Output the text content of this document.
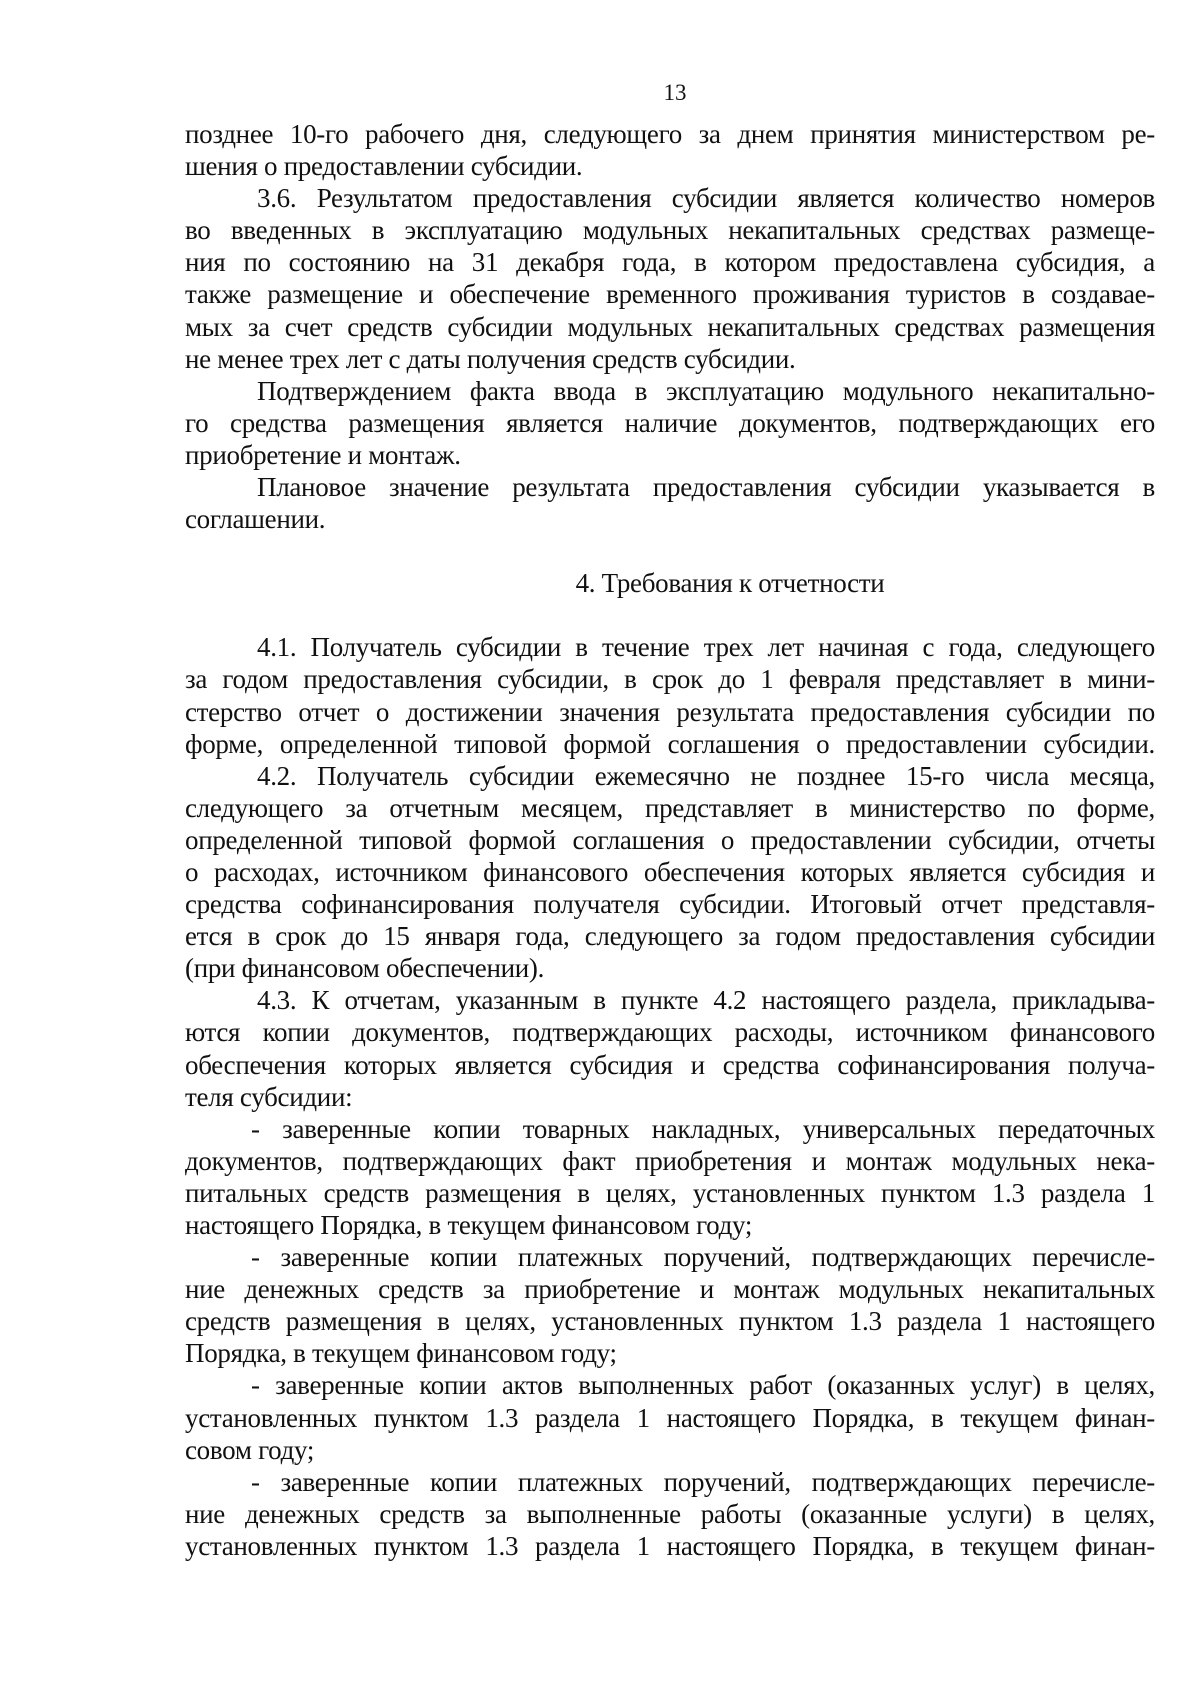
13
позднее 10-го рабочего дня, следующего за днем принятия министерством ре-
шения о предоставлении субсидии.
3.6. Результатом предоставления субсидии является количество номеров
во введенных в эксплуатацию модульных некапитальных средствах размеще-
ния по состоянию на 31 декабря года, в котором предоставлена субсидия, а
также размещение и обеспечение временного проживания туристов в создавае-
мых за счет средств субсидии модульных некапитальных средствах размещения
не менее трех лет с даты получения средств субсидии.
Подтверждением факта ввода в эксплуатацию модульного некапитально-
го средства размещения является наличие документов, подтверждающих его
приобретение и монтаж.
Плановое значение результата предоставления субсидии указывается в
соглашении.
4. Требования к отчетности
4.1. Получатель субсидии в течение трех лет начиная с года, следующего
за годом предоставления субсидии, в срок до 1 февраля представляет в мини-
стерство отчет о достижении значения результата предоставления субсидии по
форме, определенной типовой формой соглашения о предоставлении субсидии.
4.2. Получатель субсидии ежемесячно не позднее 15-го числа месяца,
следующего за отчетным месяцем, представляет в министерство по форме,
определенной типовой формой соглашения о предоставлении субсидии, отчеты
о расходах, источником финансового обеспечения которых является субсидия и
средства софинансирования получателя субсидии. Итоговый отчет представля-
ется в срок до 15 января года, следующего за годом предоставления субсидии
(при финансовом обеспечении).
4.3. К отчетам, указанным в пункте 4.2 настоящего раздела, прикладыва-
ются копии документов, подтверждающих расходы, источником финансового
обеспечения которых является субсидия и средства софинансирования получа-
теля субсидии:
- заверенные копии товарных накладных, универсальных передаточных
документов, подтверждающих факт приобретения и монтаж модульных нека-
питальных средств размещения в целях, установленных пунктом 1.3 раздела 1
настоящего Порядка, в текущем финансовом году;
- заверенные копии платежных поручений, подтверждающих перечисле-
ние денежных средств за приобретение и монтаж модульных некапитальных
средств размещения в целях, установленных пунктом 1.3 раздела 1 настоящего
Порядка, в текущем финансовом году;
- заверенные копии актов выполненных работ (оказанных услуг) в целях,
установленных пунктом 1.3 раздела 1 настоящего Порядка, в текущем финан-
совом году;
- заверенные копии платежных поручений, подтверждающих перечисле-
ние денежных средств за выполненные работы (оказанные услуги) в целях,
установленных пунктом 1.3 раздела 1 настоящего Порядка, в текущем финан-
